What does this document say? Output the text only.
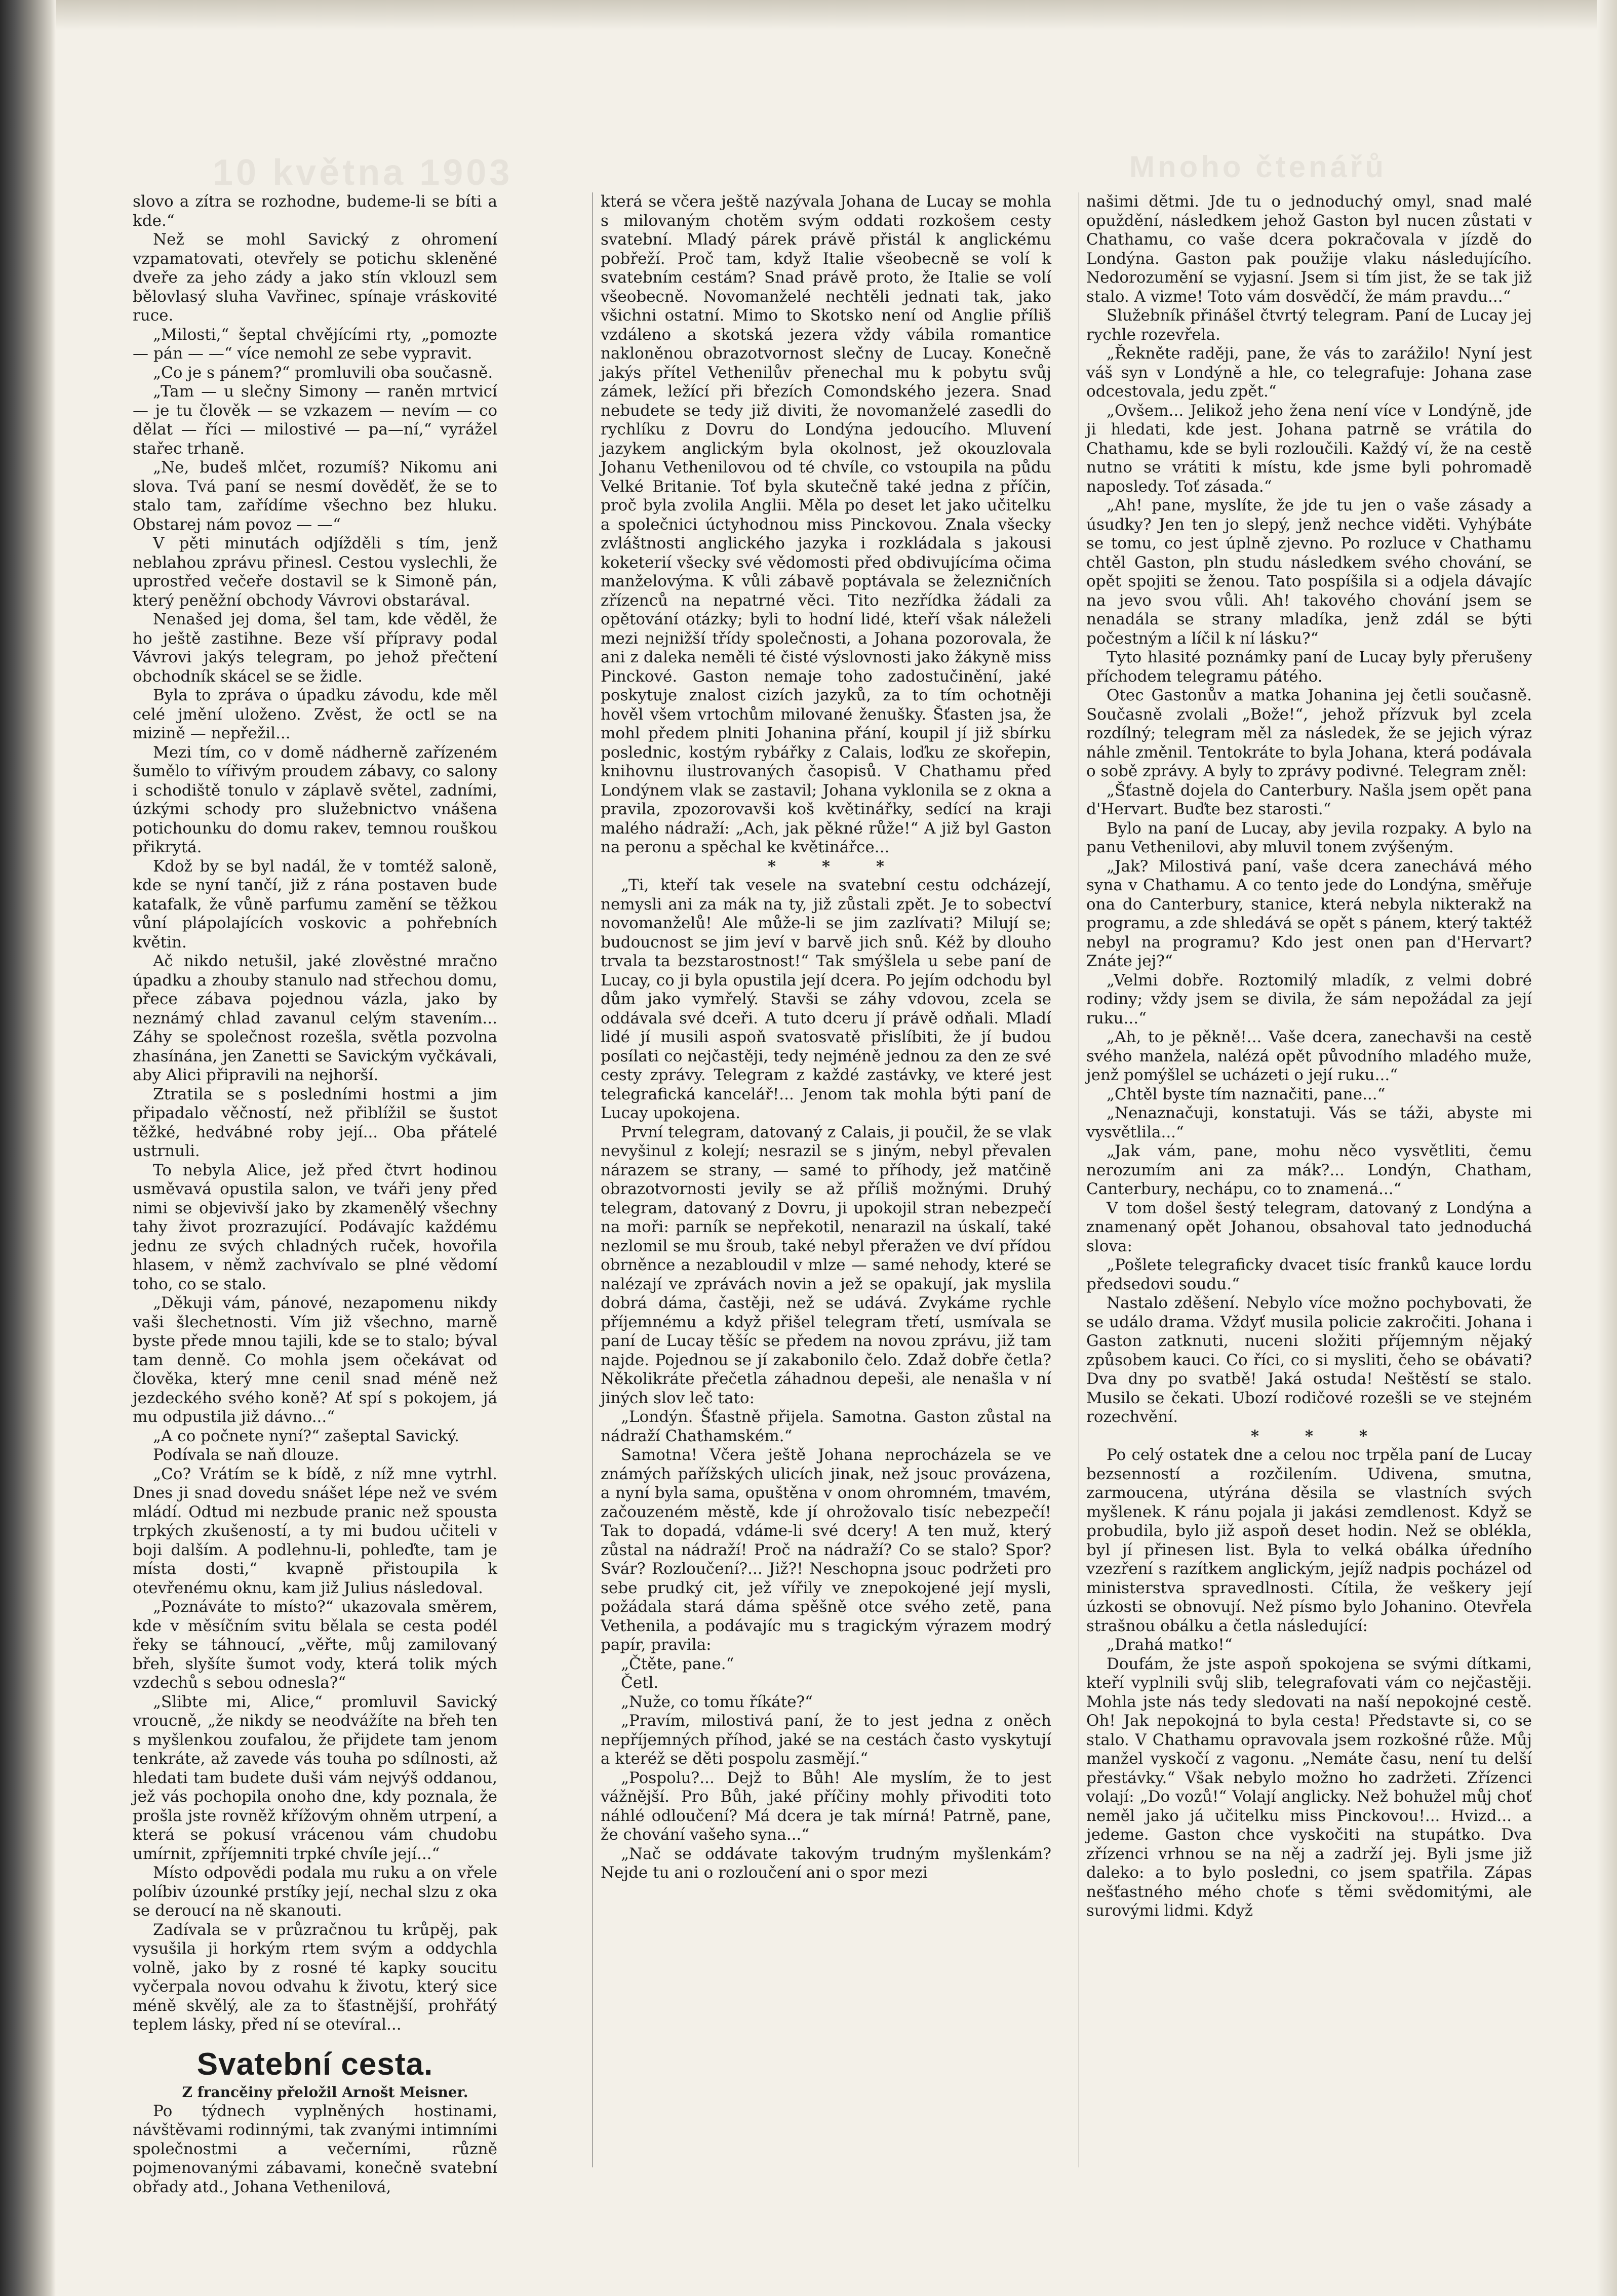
10 května 1903	Mnoho čtenářů

slovo a zítra se rozhodne, budeme-li se bíti a kde.“

Než se mohl Savický z ohromení vzpamatovati, otevřely se potichu skleněné dveře za jeho zády a jako stín vklouzl sem bělovlasý sluha Vavřinec, spínaje vráskovité ruce.

„Milosti,“ šeptal chvějícími rty, „pomozte — pán — —“ více nemohl ze sebe vypravit.

„Co je s pánem?“ promluvili oba současně.

„Tam — u slečny Simony — raněn mrtvicí — je tu člověk — se vzkazem — nevím — co dělat — říci — milostivé — pa—ní,“ vyrážel stařec trhaně.

„Ne, budeš mlčet, rozumíš? Nikomu ani slova. Tvá paní se nesmí dověděť, že se to stalo tam, zařídíme všechno bez hluku. Obstarej nám povoz — —“

V pěti minutách odjížděli s tím, jenž neblahou zprávu přinesl. Cestou vyslechli, že uprostřed večeře dostavil se k Simoně pán, který peněžní obchody Vávrovi obstarával.

Nenašed jej doma, šel tam, kde věděl, že ho ještě zastihne. Beze vší přípravy podal Vávrovi jakýs telegram, po jehož přečtení obchodník skácel se se židle.

Byla to zpráva o úpadku závodu, kde měl celé jmění uloženo. Zvěst, že octl se na mizině — nepřežil...

Mezi tím, co v domě nádherně zařízeném šumělo to vířivým proudem zábavy, co salony i schodiště tonulo v záplavě světel, zadními, úzkými schody pro služebnictvo vnášena potichounku do domu rakev, temnou rouškou přikrytá.

Kdož by se byl nadál, že v tomtéž saloně, kde se nyní tančí, již z rána postaven bude katafalk, že vůně parfumu zamění se těžkou vůní plápolajících voskovic a pohřebních květin.

Ač nikdo netušil, jaké zlověstné mračno úpadku a zhouby stanulo nad střechou domu, přece zábava pojednou vázla, jako by neznámý chlad zavanul celým stavením... Záhy se společnost rozešla, světla pozvolna zhasínána, jen Zanetti se Savickým vyčkávali, aby Alici připravili na nejhorší.

Ztratila se s posledními hostmi a jim připadalo věčností, než přiblížil se šustot těžké, hedvábné roby její... Oba přátelé ustrnuli.

To nebyla Alice, jež před čtvrt hodinou usměvavá opustila salon, ve tváři jeny před nimi se objevivší jako by zkamenělý všechny tahy život prozrazující. Podávajíc každému jednu ze svých chladných ruček, hovořila hlasem, v němž zachvívalo se plné vědomí toho, co se stalo.

„Děkuji vám, pánové, nezapomenu nikdy vaši šlechetnosti. Vím již všechno, marně byste přede mnou tajili, kde se to stalo; býval tam denně. Co mohla jsem očekávat od člověka, který mne cenil snad méně než jezdeckého svého koně? Ať spí s pokojem, já mu odpustila již dávno...“

„A co počnete nyní?“ zašeptal Savický.

Podívala se naň dlouze.

„Co? Vrátím se k bídě, z níž mne vytrhl. Dnes ji snad dovedu snášet lépe než ve svém mládí. Odtud mi nezbude pranic než spousta trpkých zkušeností, a ty mi budou učiteli v boji dalším. A podlehnu-li, pohleďte, tam je místa dosti,“ kvapně přistoupila k otevřenému oknu, kam již Julius následoval.

„Poznáváte to místo?“ ukazovala směrem, kde v měsíčním svitu bělala se cesta podél řeky se táhnoucí, „věřte, můj zamilovaný břeh, slyšíte šumot vody, která tolik mých vzdechů s sebou odnesla?“

„Slibte mi, Alice,“ promluvil Savický vroucně, „že nikdy se neodvážíte na břeh ten s myšlenkou zoufalou, že přijdete tam jenom tenkráte, až zavede vás touha po sdílnosti, až hledati tam budete duši vám nejvýš oddanou, jež vás pochopila onoho dne, kdy poznala, že prošla jste rovněž křížovým ohněm utrpení, a která se pokusí vrácenou vám chudobu umírnit, zpříjemniti trpké chvíle její...“

Místo odpovědi podala mu ruku a on vřele políbiv úzounké prstíky její, nechal slzu z oka se deroucí na ně skanouti.

Zadívala se v průzračnou tu krůpěj, pak vysušila ji horkým rtem svým a oddychla volně, jako by z rosné té kapky soucitu vyčerpala novou odvahu k životu, který sice méně skvělý, ale za to šťastnější, prohřátý teplem lásky, před ní se otevíral...

Svatební cesta.

Z francěiny přeložil Arnošt Meisner.

Po týdnech vyplněných hostinami, návštěvami rodinnými, tak zvanými intimními společnostmi a večerními, různě pojmenovanými zábavami, konečně svatební obřady atd., Johana Vethenilová,

která se včera ještě nazývala Johana de Lucay se mohla s milovaným chotěm svým oddati rozkošem cesty svatební. Mladý párek právě přistál k anglickému pobřeží. Proč tam, když Italie všeobecně se volí k svatebním cestám? Snad právě proto, že Italie se volí všeobecně. Novomanželé nechtěli jednati tak, jako všichni ostatní. Mimo to Skotsko není od Anglie příliš vzdáleno a skotská jezera vždy vábila romantice nakloněnou obrazotvornost slečny de Lucay. Konečně jakýs přítel Vethenilův přenechal mu k pobytu svůj zámek, ležící při březích Comondského jezera. Snad nebudete se tedy již diviti, že novomanželé zasedli do rychlíku z Dovru do Londýna jedoucího. Mluvení jazykem anglickým byla okolnost, jež okouzlovala Johanu Vethenilovou od té chvíle, co vstoupila na půdu Velké Britanie. Toť byla skutečně také jedna z příčin, proč byla zvolila Anglii. Měla po deset let jako učitelku a společnici úctyhodnou miss Pinckovou. Znala všecky zvláštnosti anglického jazyka i rozkládala s jakousi koketerií všecky své vědomosti před obdivujícíma očima manželovýma. K vůli zábavě poptávala se železničních zřízenců na nepatrné věci. Tito nezřídka žádali za opětování otázky; byli to hodní lidé, kteří však náleželi mezi nejnižší třídy společnosti, a Johana pozorovala, že ani z daleka neměli té čisté výslovnosti jako žákyně miss Pinckové. Gaston nemaje toho zadostučinění, jaké poskytuje znalost cizích jazyků, za to tím ochotněji hověl všem vrtochům milované ženušky. Šťasten jsa, že mohl předem plniti Johanina přání, koupil jí již sbírku poslednic, kostým rybářky z Calais, loďku ze skořepin, knihovnu ilustrovaných časopisů. V Chathamu před Londýnem vlak se zastavil; Johana vyklonila se z okna a pravila, zpozorovavši koš květinářky, sedící na kraji malého nádraží: „Ach, jak pěkné růže!“ A již byl Gaston na peronu a spěchal ke květinářce...

* * *

„Ti, kteří tak vesele na svatební cestu odcházejí, nemysli ani za mák na ty, již zůstali zpět. Je to sobectví novomanželů! Ale může-li se jim zazlívati? Milují se; budoucnost se jim jeví v barvě jich snů. Kéž by dlouho trvala ta bezstarostnost!“ Tak smýšlela u sebe paní de Lucay, co ji byla opustila její dcera. Po jejím odchodu byl dům jako vymřelý. Stavši se záhy vdovou, zcela se oddávala své dceři. A tuto dceru jí právě odňali. Mladí lidé jí musili aspoň svatosvatě přislíbiti, že jí budou posílati co nejčastěji, tedy nejméně jednou za den ze své cesty zprávy. Telegram z každé zastávky, ve které jest telegrafická kancelář!... Jenom tak mohla býti paní de Lucay upokojena.

První telegram, datovaný z Calais, ji poučil, že se vlak nevyšinul z kolejí; nesrazil se s jiným, nebyl převalen nárazem se strany, — samé to příhody, jež matčině obrazotvornosti jevily se až příliš možnými. Druhý telegram, datovaný z Dovru, ji upokojil stran nebezpečí na moři: parník se nepřekotil, nenarazil na úskalí, také nezlomil se mu šroub, také nebyl přeražen ve dví přídou obrněnce a nezabloudil v mlze — samé nehody, které se nalézají ve zprávách novin a jež se opakují, jak myslila dobrá dáma, častěji, než se udává. Zvykáme rychle příjemnému a když přišel telegram třetí, usmívala se paní de Lucay těšíc se předem na novou zprávu, již tam najde. Pojednou se jí zakabonilo čelo. Zdaž dobře četla? Několikráte přečetla záhadnou depeši, ale nenašla v ní jiných slov leč tato:

„Londýn. Šťastně přijela. Samotna. Gaston zůstal na nádraží Chathamském.“

Samotna! Včera ještě Johana neprocházela se ve známých pařížských ulicích jinak, než jsouc provázena, a nyní byla sama, opuštěna v onom ohromném, tmavém, začouzeném městě, kde jí ohrožovalo tisíc nebezpečí! Tak to dopadá, vdáme-li své dcery! A ten muž, který zůstal na nádraží! Proč na nádraží? Co se stalo? Spor? Svár? Rozloučení?... Již?! Neschopna jsouc podržeti pro sebe prudký cit, jež vířily ve znepokojené její mysli, požádala stará dáma spěšně otce svého zetě, pana Vethenila, a podávajíc mu s tragickým výrazem modrý papír, pravila:

„Čtěte, pane.“

Četl.

„Nuže, co tomu říkáte?“

„Pravím, milostivá paní, že to jest jedna z oněch nepříjemných příhod, jaké se na cestách často vyskytují a kteréž se děti pospolu zasmějí.“

„Pospolu?... Dejž to Bůh! Ale myslím, že to jest vážnější. Pro Bůh, jaké příčiny mohly přivoditi toto náhlé odloučení? Má dcera je tak mírná! Patrně, pane, že chování vašeho syna...“

„Nač se oddávate takovým trudným myšlenkám? Nejde tu ani o rozloučení ani o spor mezi

našimi dětmi. Jde tu o jednoduchý omyl, snad malé opuždění, následkem jehož Gaston byl nucen zůstati v Chathamu, co vaše dcera pokračovala v jízdě do Londýna. Gaston pak použije vlaku následujícího. Nedorozumění se vyjasní. Jsem si tím jist, že se tak již stalo. A vizme! Toto vám dosvědčí, že mám pravdu...“

Služebník přinášel čtvrtý telegram. Paní de Lucay jej rychle rozevřela.

„Řekněte raději, pane, že vás to zarážilo! Nyní jest váš syn v Londýně a hle, co telegrafuje: Johana zase odcestovala, jedu zpět.“

„Ovšem... Jelikož jeho žena není více v Londýně, jde ji hledati, kde jest. Johana patrně se vrátila do Chathamu, kde se byli rozloučili. Každý ví, že na cestě nutno se vrátiti k místu, kde jsme byli pohromadě naposledy. Toť zásada.“

„Ah! pane, myslíte, že jde tu jen o vaše zásady a úsudky? Jen ten jo slepý, jenž nechce viděti. Vyhýbáte se tomu, co jest úplně zjevno. Po rozluce v Chathamu chtěl Gaston, pln studu následkem svého chování, se opět spojiti se ženou. Tato pospíšila si a odjela dávajíc na jevo svou vůli. Ah! takového chování jsem se nenadála se strany mladíka, jenž zdál se býti počestným a líčil k ní lásku?“

Tyto hlasité poznámky paní de Lucay byly přerušeny příchodem telegramu pátého.

Otec Gastonův a matka Johanina jej četli současně. Současně zvolali „Bože!“, jehož přízvuk byl zcela rozdílný; telegram měl za následek, že se jejich výraz náhle změnil. Tentokráte to byla Johana, která podávala o sobě zprávy. A byly to zprávy podivné. Telegram zněl:

„Šťastně dojela do Canterbury. Našla jsem opět pana d'Hervart. Buďte bez starosti.“

Bylo na paní de Lucay, aby jevila rozpaky. A bylo na panu Vethenilovi, aby mluvil tonem zvýšeným.

„Jak? Milostivá paní, vaše dcera zanechává mého syna v Chathamu. A co tento jede do Londýna, směřuje ona do Canterbury, stanice, která nebyla nikterakž na programu, a zde shledává se opět s pánem, který taktéž nebyl na programu? Kdo jest onen pan d'Hervart? Znáte jej?“

„Velmi dobře. Roztomilý mladík, z velmi dobré rodiny; vždy jsem se divila, že sám nepožádal za její ruku...“

„Ah, to je pěkně!... Vaše dcera, zanechavši na cestě svého manžela, nalézá opět původního mladého muže, jenž pomýšlel se ucházeti o její ruku...“

„Chtěl byste tím naznačiti, pane...“

„Nenaznačuji, konstatuji. Vás se táži, abyste mi vysvětlila...“

„Jak vám, pane, mohu něco vysvětliti, čemu nerozumím ani za mák?... Londýn, Chatham, Canterbury, nechápu, co to znamená...“

V tom došel šestý telegram, datovaný z Londýna a znamenaný opět Johanou, obsahoval tato jednoduchá slova:

„Pošlete telegraficky dvacet tisíc franků kauce lordu předsedovi soudu.“

Nastalo zděšení. Nebylo více možno pochybovati, že se událo drama. Vždyť musila policie zakročiti. Johana i Gaston zatknuti, nuceni složiti příjemným nějaký způsobem kauci. Co říci, co si mysliti, čeho se obávati? Dva dny po svatbě! Jaká ostuda! Neštěstí se stalo. Musilo se čekati. Ubozí rodičové rozešli se ve stejném rozechvění.

* * *

Po celý ostatek dne a celou noc trpěla paní de Lucay bezsenností a rozčilením. Udivena, smutna, zarmoucena, utýrána děsila se vlastních svých myšlenek. K ránu pojala ji jakási zemdlenost. Když se probudila, bylo již aspoň deset hodin. Než se oblékla, byl jí přinesen list. Byla to velká obálka úředního vzezření s razítkem anglickým, jejíž nadpis pocházel od ministerstva spravedlnosti. Cítila, že veškery její úzkosti se obnovují. Než písmo bylo Johanino. Otevřela strašnou obálku a četla následující:

„Drahá matko!“

Doufám, že jste aspoň spokojena se svými dítkami, kteří vyplnili svůj slib, telegrafovati vám co nejčastěji. Mohla jste nás tedy sledovati na naší nepokojné cestě. Oh! Jak nepokojná to byla cesta! Představte si, co se stalo. V Chathamu opravovala jsem rozkošné růže. Můj manžel vyskočí z vagonu. „Nemáte času, není tu delší přestávky.“ Však nebylo možno ho zadržeti. Zřízenci volají: „Do vozů!“ Volají anglicky. Než bohužel můj choť neměl jako já učitelku miss Pinckovou!... Hvizd... a jedeme. Gaston chce vyskočiti na stupátko. Dva zřízenci vrhnou se na něj a zadrží jej. Byli jsme již daleko: a to bylo posledni, co jsem spatřila. Zápas nešťastného mého choťe s těmi svědomitými, ale surovými lidmi. Když
